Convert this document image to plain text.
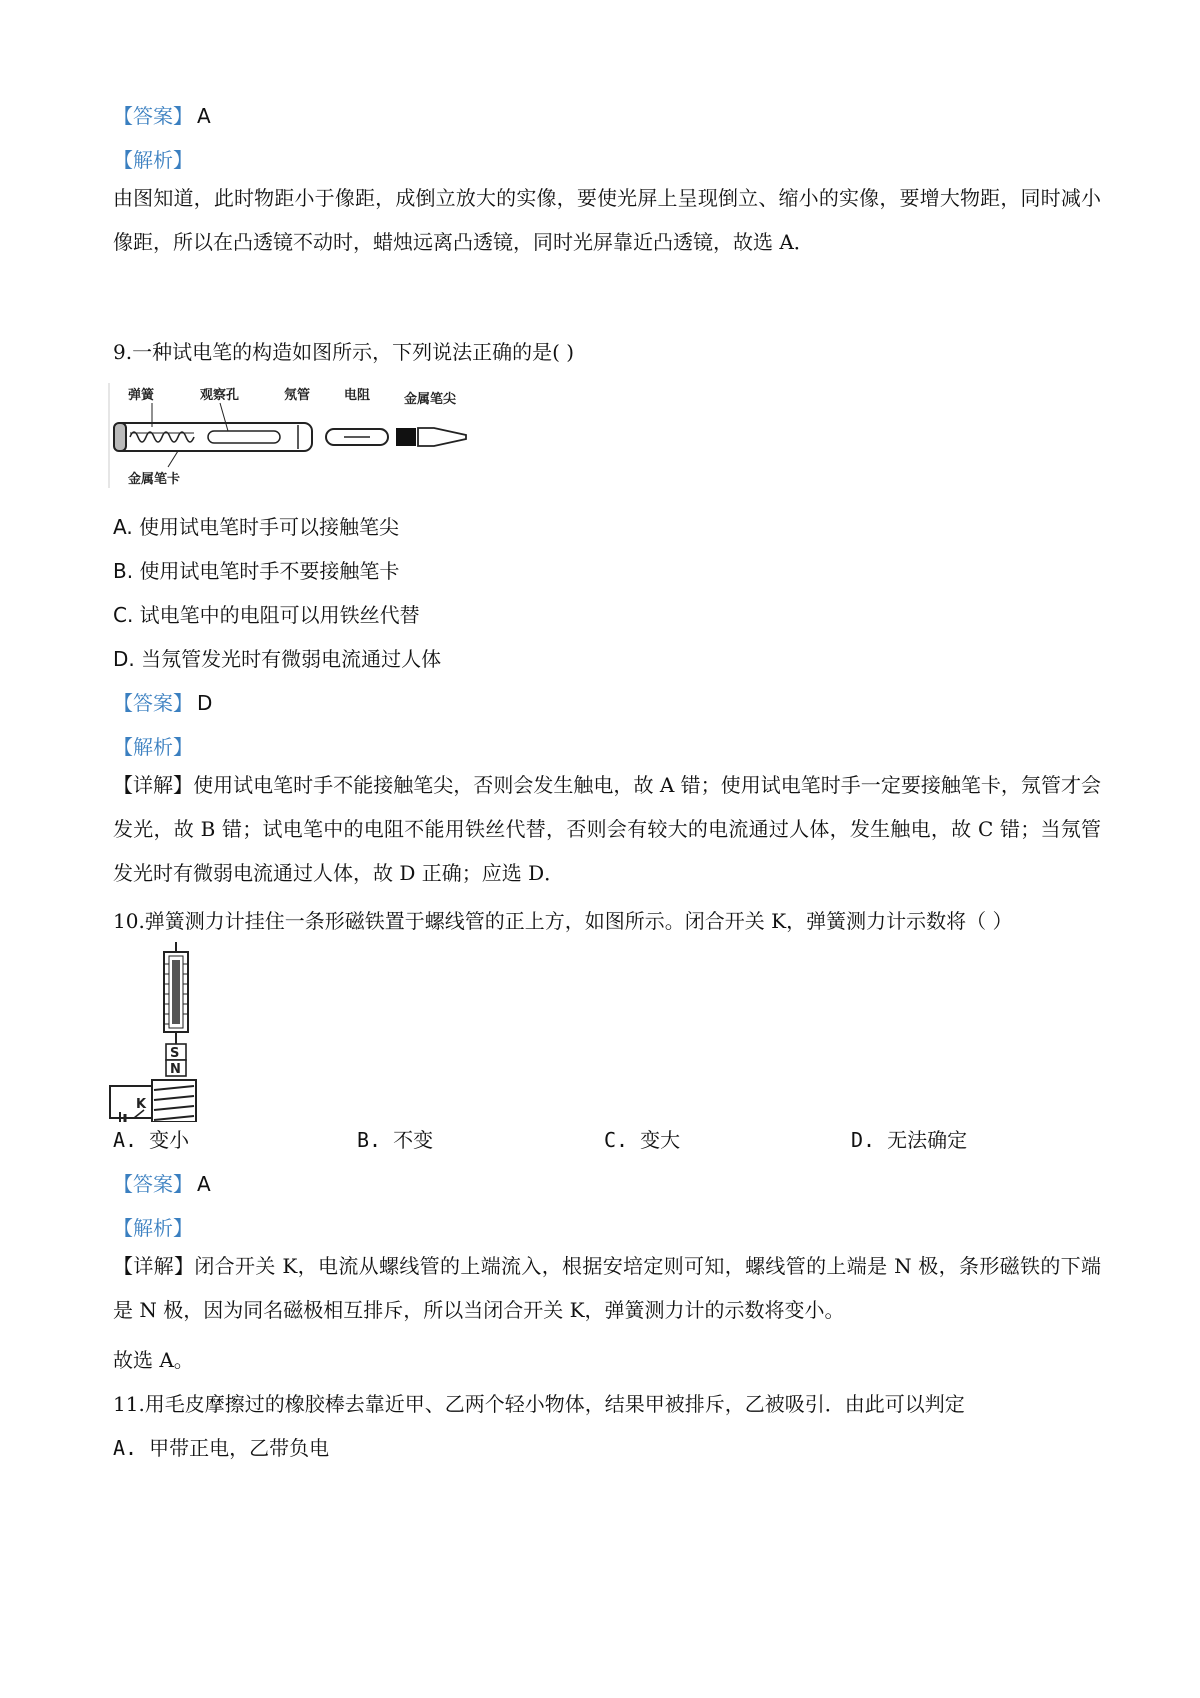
【答案】 A
【解析】
由图知道，此时物距小于像距，成倒立放大的实像，要使光屏上呈现倒立、缩小的实像，要增大物距，同时减小像距，所以在凸透镜不动时，蜡烛远离凸透镜，同时光屏靠近凸透镜，故选 A．
9.一种试电笔的构造如图所示，下列说法正确的是( )
弹簧	观察孔	氖管	电阻	金属笔尖
金属笔卡
A. 使用试电笔时手可以接触笔尖
B. 使用试电笔时手不要接触笔卡
C. 试电笔中的电阻可以用铁丝代替
D. 当氖管发光时有微弱电流通过人体
【答案】 D
【解析】
【详解】使用试电笔时手不能接触笔尖，否则会发生触电，故 A 错；使用试电笔时手一定要接触笔卡，氖管才会发光，故 B 错；试电笔中的电阻不能用铁丝代替，否则会有较大的电流通过人体，发生触电，故 C 错；当氖管发光时有微弱电流通过人体，故 D 正确；应选 D．
10.弹簧测力计挂住一条形磁铁置于螺线管的正上方，如图所示。闭合开关 K，弹簧测力计示数将（ ）
S
N
K
A. 变小	B. 不变	C. 变大	D. 无法确定
【答案】 A
【解析】
【详解】闭合开关 K，电流从螺线管的上端流入，根据安培定则可知，螺线管的上端是 N 极，条形磁铁的下端是 N 极，因为同名磁极相互排斥，所以当闭合开关 K，弹簧测力计的示数将变小。
故选 A。
11.用毛皮摩擦过的橡胶棒去靠近甲、乙两个轻小物体，结果甲被排斥，乙被吸引．由此可以判定
A. 甲带正电，乙带负电
